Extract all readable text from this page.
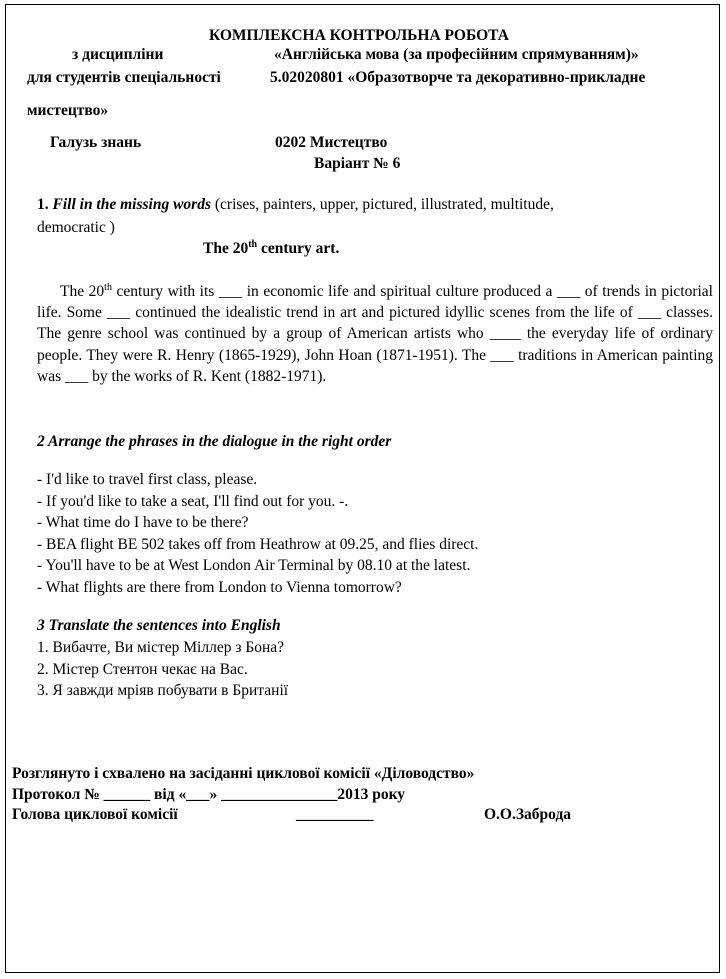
КОМПЛЕКСНА КОНТРОЛЬНА РОБОТА
з дисципліни	«Англійська мова (за професійним спрямуванням)»
для студентів спеціальності	5.02020801 «Образотворче та декоративно-прикладне
мистецтво»
Галузь знань	0202 Мистецтво
Варіант № 6
1. Fill in the missing words (crises, painters, upper, pictured, illustrated, multitude,
democratic )
The 20th century art.
The 20th century with its ___ in economic life and spiritual culture produced a ___ of trends in pictorial life. Some ___ continued the idealistic trend in art and pictured idyllic scenes from the life of ___ classes. The genre school was continued by a group of American artists who ____ the everyday life of ordinary people. They were R. Henry (1865-1929), John Hoan (1871-1951). The ___ traditions in American painting was ___ by the works of R. Kent (1882-1971).
2 Arrange the phrases in the dialogue in the right order
- I'd like to travel first class, please.
- If you'd like to take a seat, I'll find out for you. -.
- What time do I have to be there?
- BEA flight BE 502 takes off from Heathrow at 09.25, and flies direct.
- You'll have to be at West London Air Terminal by 08.10 at the latest.
- What flights are there from London to Vienna tomorrow?
3 Translate the sentences into English
1. Вибачте, Ви містер Міллер з Бона?
2. Містер Стентон чекає на Вас.
3. Я завжди мріяв побувати в Британії
Розглянуто і схвалено на засіданні циклової комісії «Діловодство»
Протокол № ______ від «___» _______________2013 року
Голова циклової комісії	__________	О.О.Заброда
